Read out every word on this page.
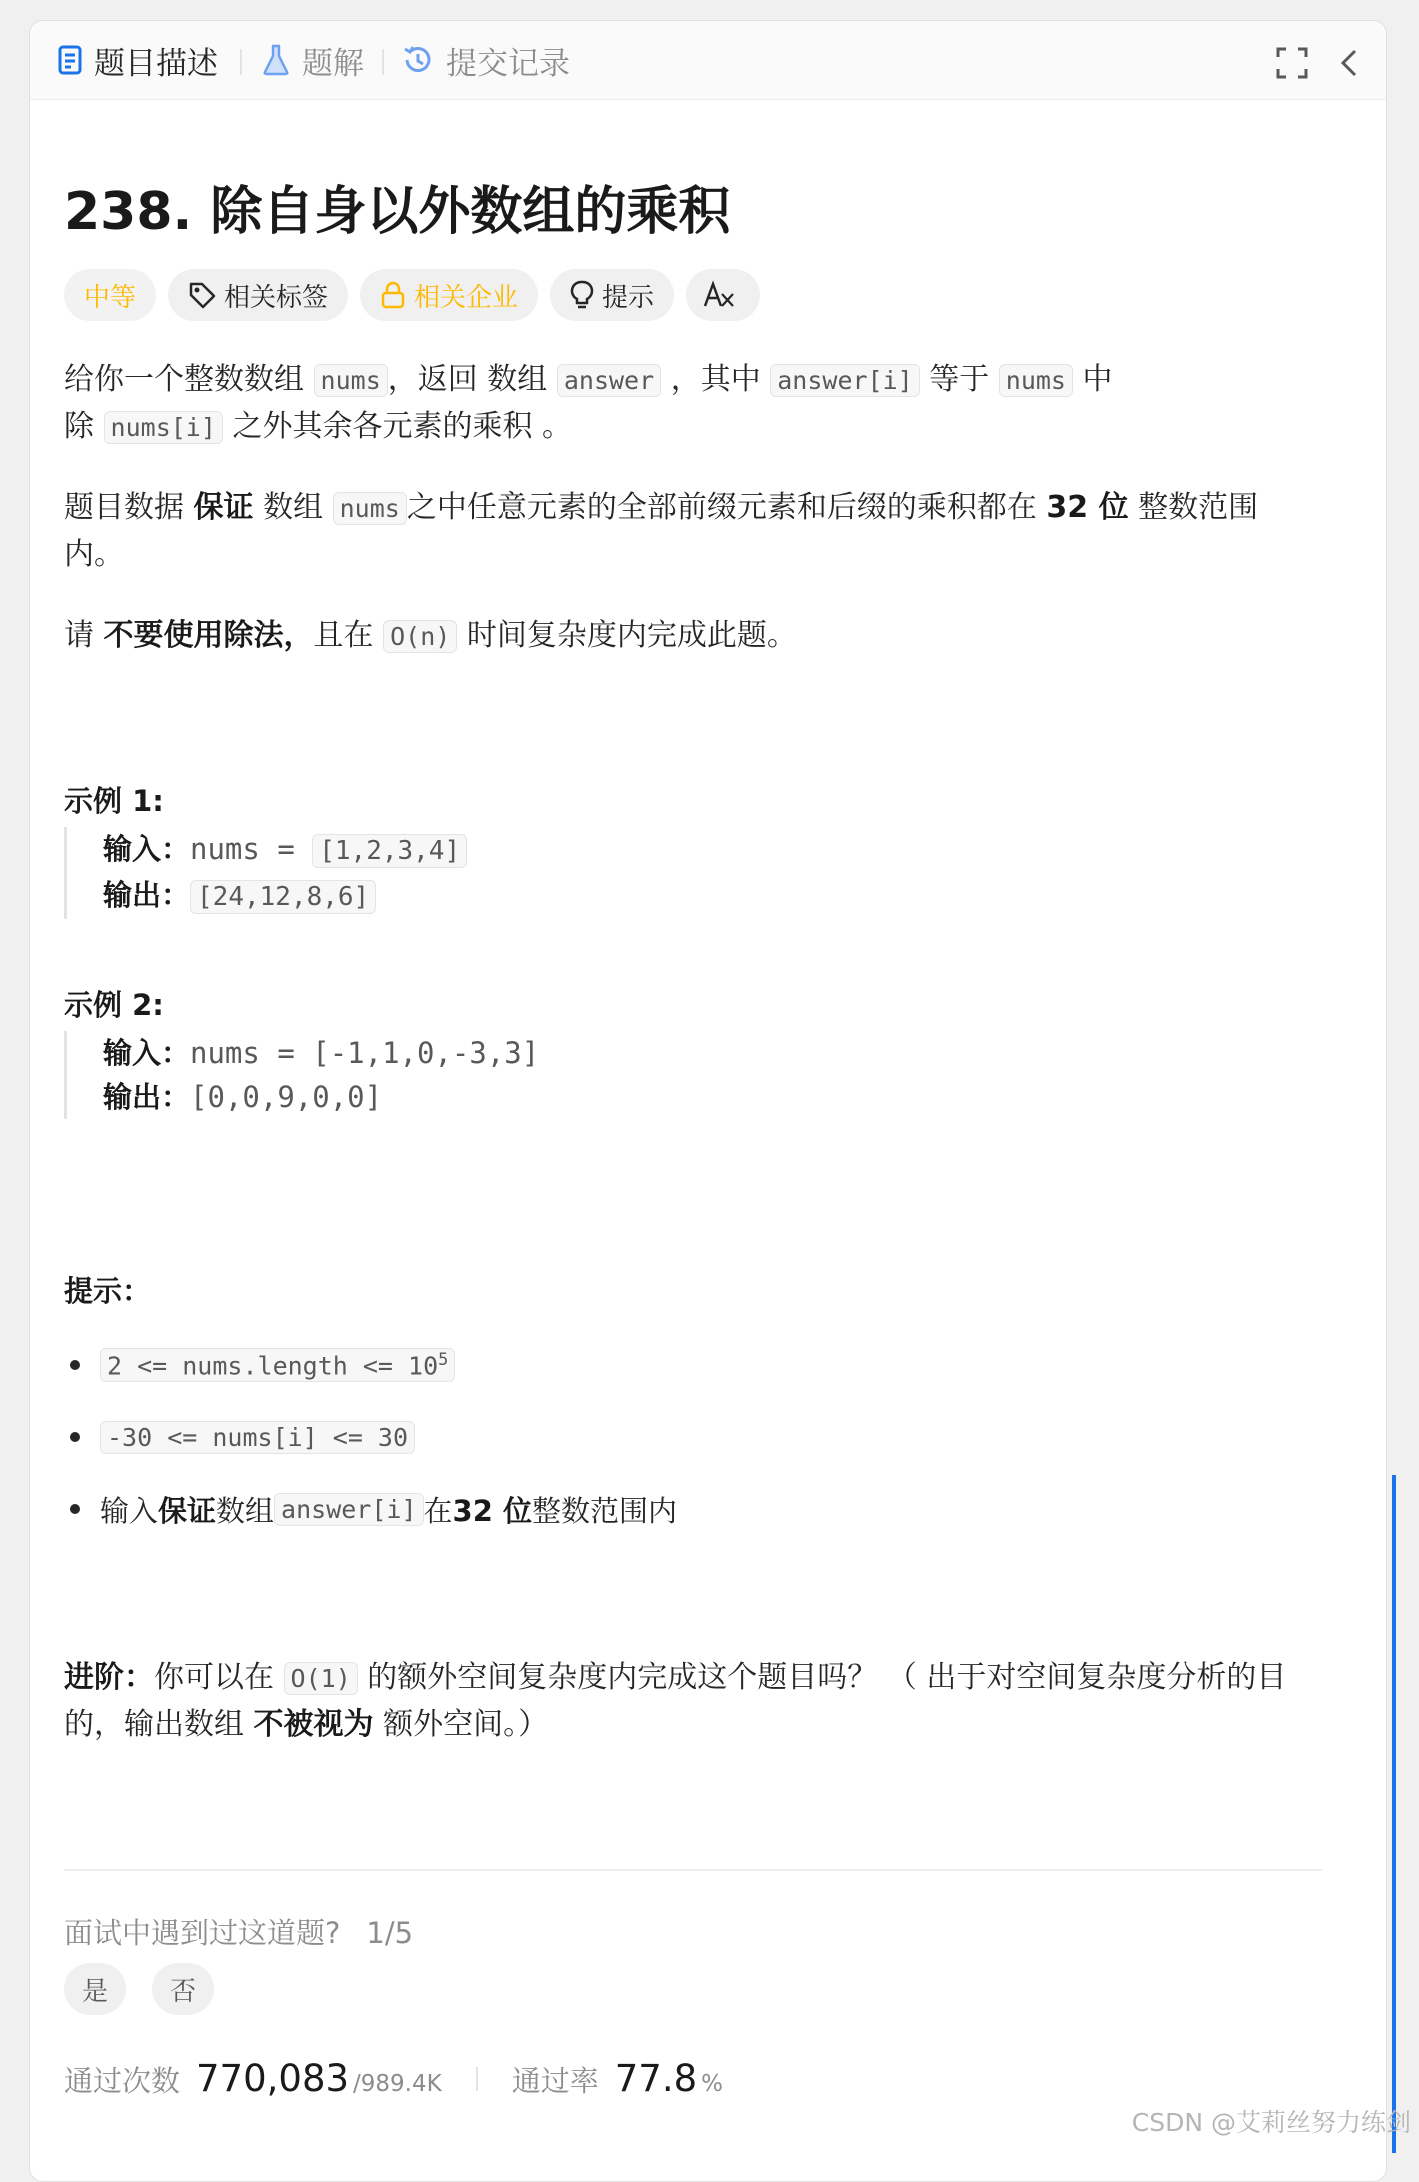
题目描述	题解	提交记录
238. 除自身以外数组的乘积
中等	相关标签	相关企业	提示
给你一个整数数组 nums ，返回 数组 answer ，其中 answer[i] 等于 nums 中
除 nums[i] 之外其余各元素的乘积 。
题目数据 保证 数组 nums 之中任意元素的全部前缀元素和后缀的乘积都在 32 位 整数范围
内。
请 不要使用除法，且在 O(n) 时间复杂度内完成此题。
示例 1:
输入：nums = [1,2,3,4]
输出： [24,12,8,6]
示例 2:
输入：nums = [-1,1,0,-3,3]
输出：[0,0,9,0,0]
提示：
2 <= nums.length <= $10^5$
-30 <= nums[i] <= 30
输入 保证 数组 answer[i] 在 32 位 整数范围内
进阶：你可以在 O(1) 的额外空间复杂度内完成这个题目吗？ （ 出于对空间复杂度分析的目
的，输出数组 不被视为 额外空间。）
面试中遇到过这道题? 1/5
是	否
通过次数 770,083 /989.4K 通过率 77.8 %
CSDN @艾莉丝努力练剑
